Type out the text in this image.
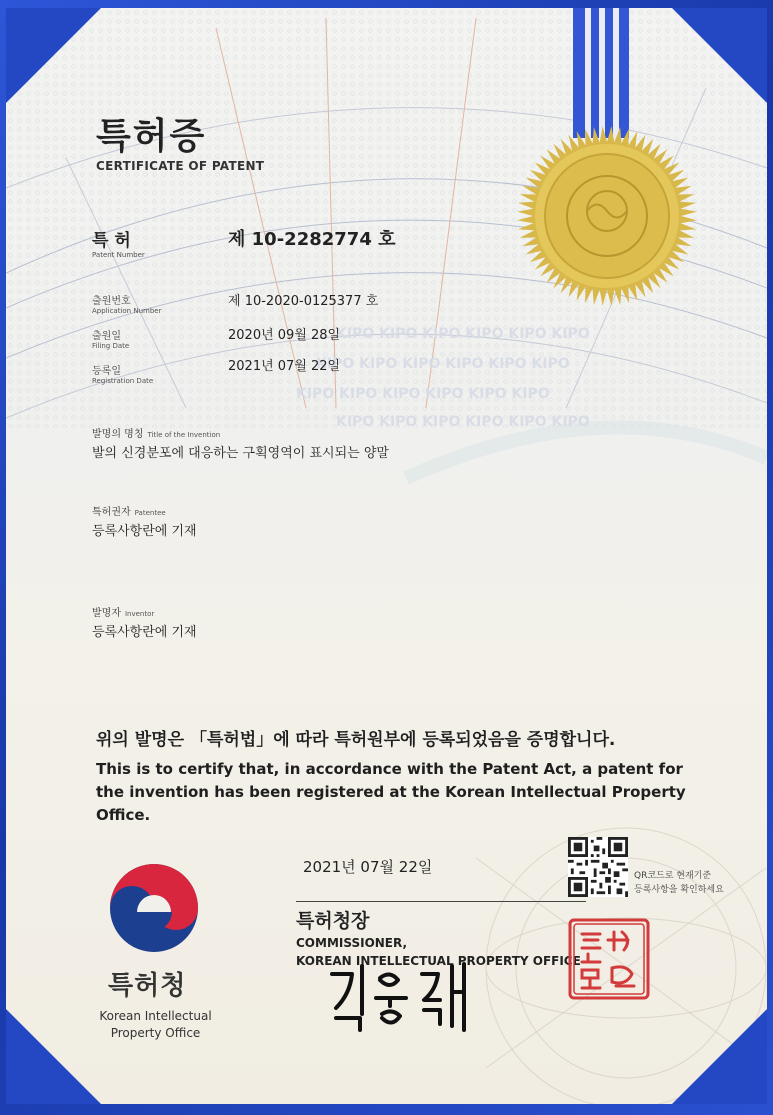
KIPO KIPO KIPO KIPO KIPO KIPO
KIPO KIPO KIPO KIPO KIPO KIPO
KIPO KIPO KIPO KIPO KIPO KIPO
KIPO KIPO KIPO KIPO KIPO KIPO
특허증
CERTIFICATE OF PATENT
특 허
Patent Number
제 10-2282774 호
출원번호
Application Number
제 10-2020-0125377 호
출원일
Filing Date
2020년 09월 28일
등록일
Registration Date
2021년 07월 22일
발명의 명칭 Title of the Invention
발의 신경분포에 대응하는 구획영역이 표시되는 양말
특허권자 Patentee
등록사항란에 기재
발명자 Inventor
등록사항란에 기재
위의 발명은 「특허법」에 따라 특허원부에 등록되었음을 증명합니다.
This is to certify that, in accordance with the Patent Act, a patent for the invention has been registered at the Korean Intellectual Property Office.
2021년 07월 22일
특허청장
COMMISSIONER,
KOREAN INTELLECTUAL PROPERTY OFFICE
특허청
Korean Intellectual
Property Office
QR코드로 현재기준
등록사항을 확인하세요
